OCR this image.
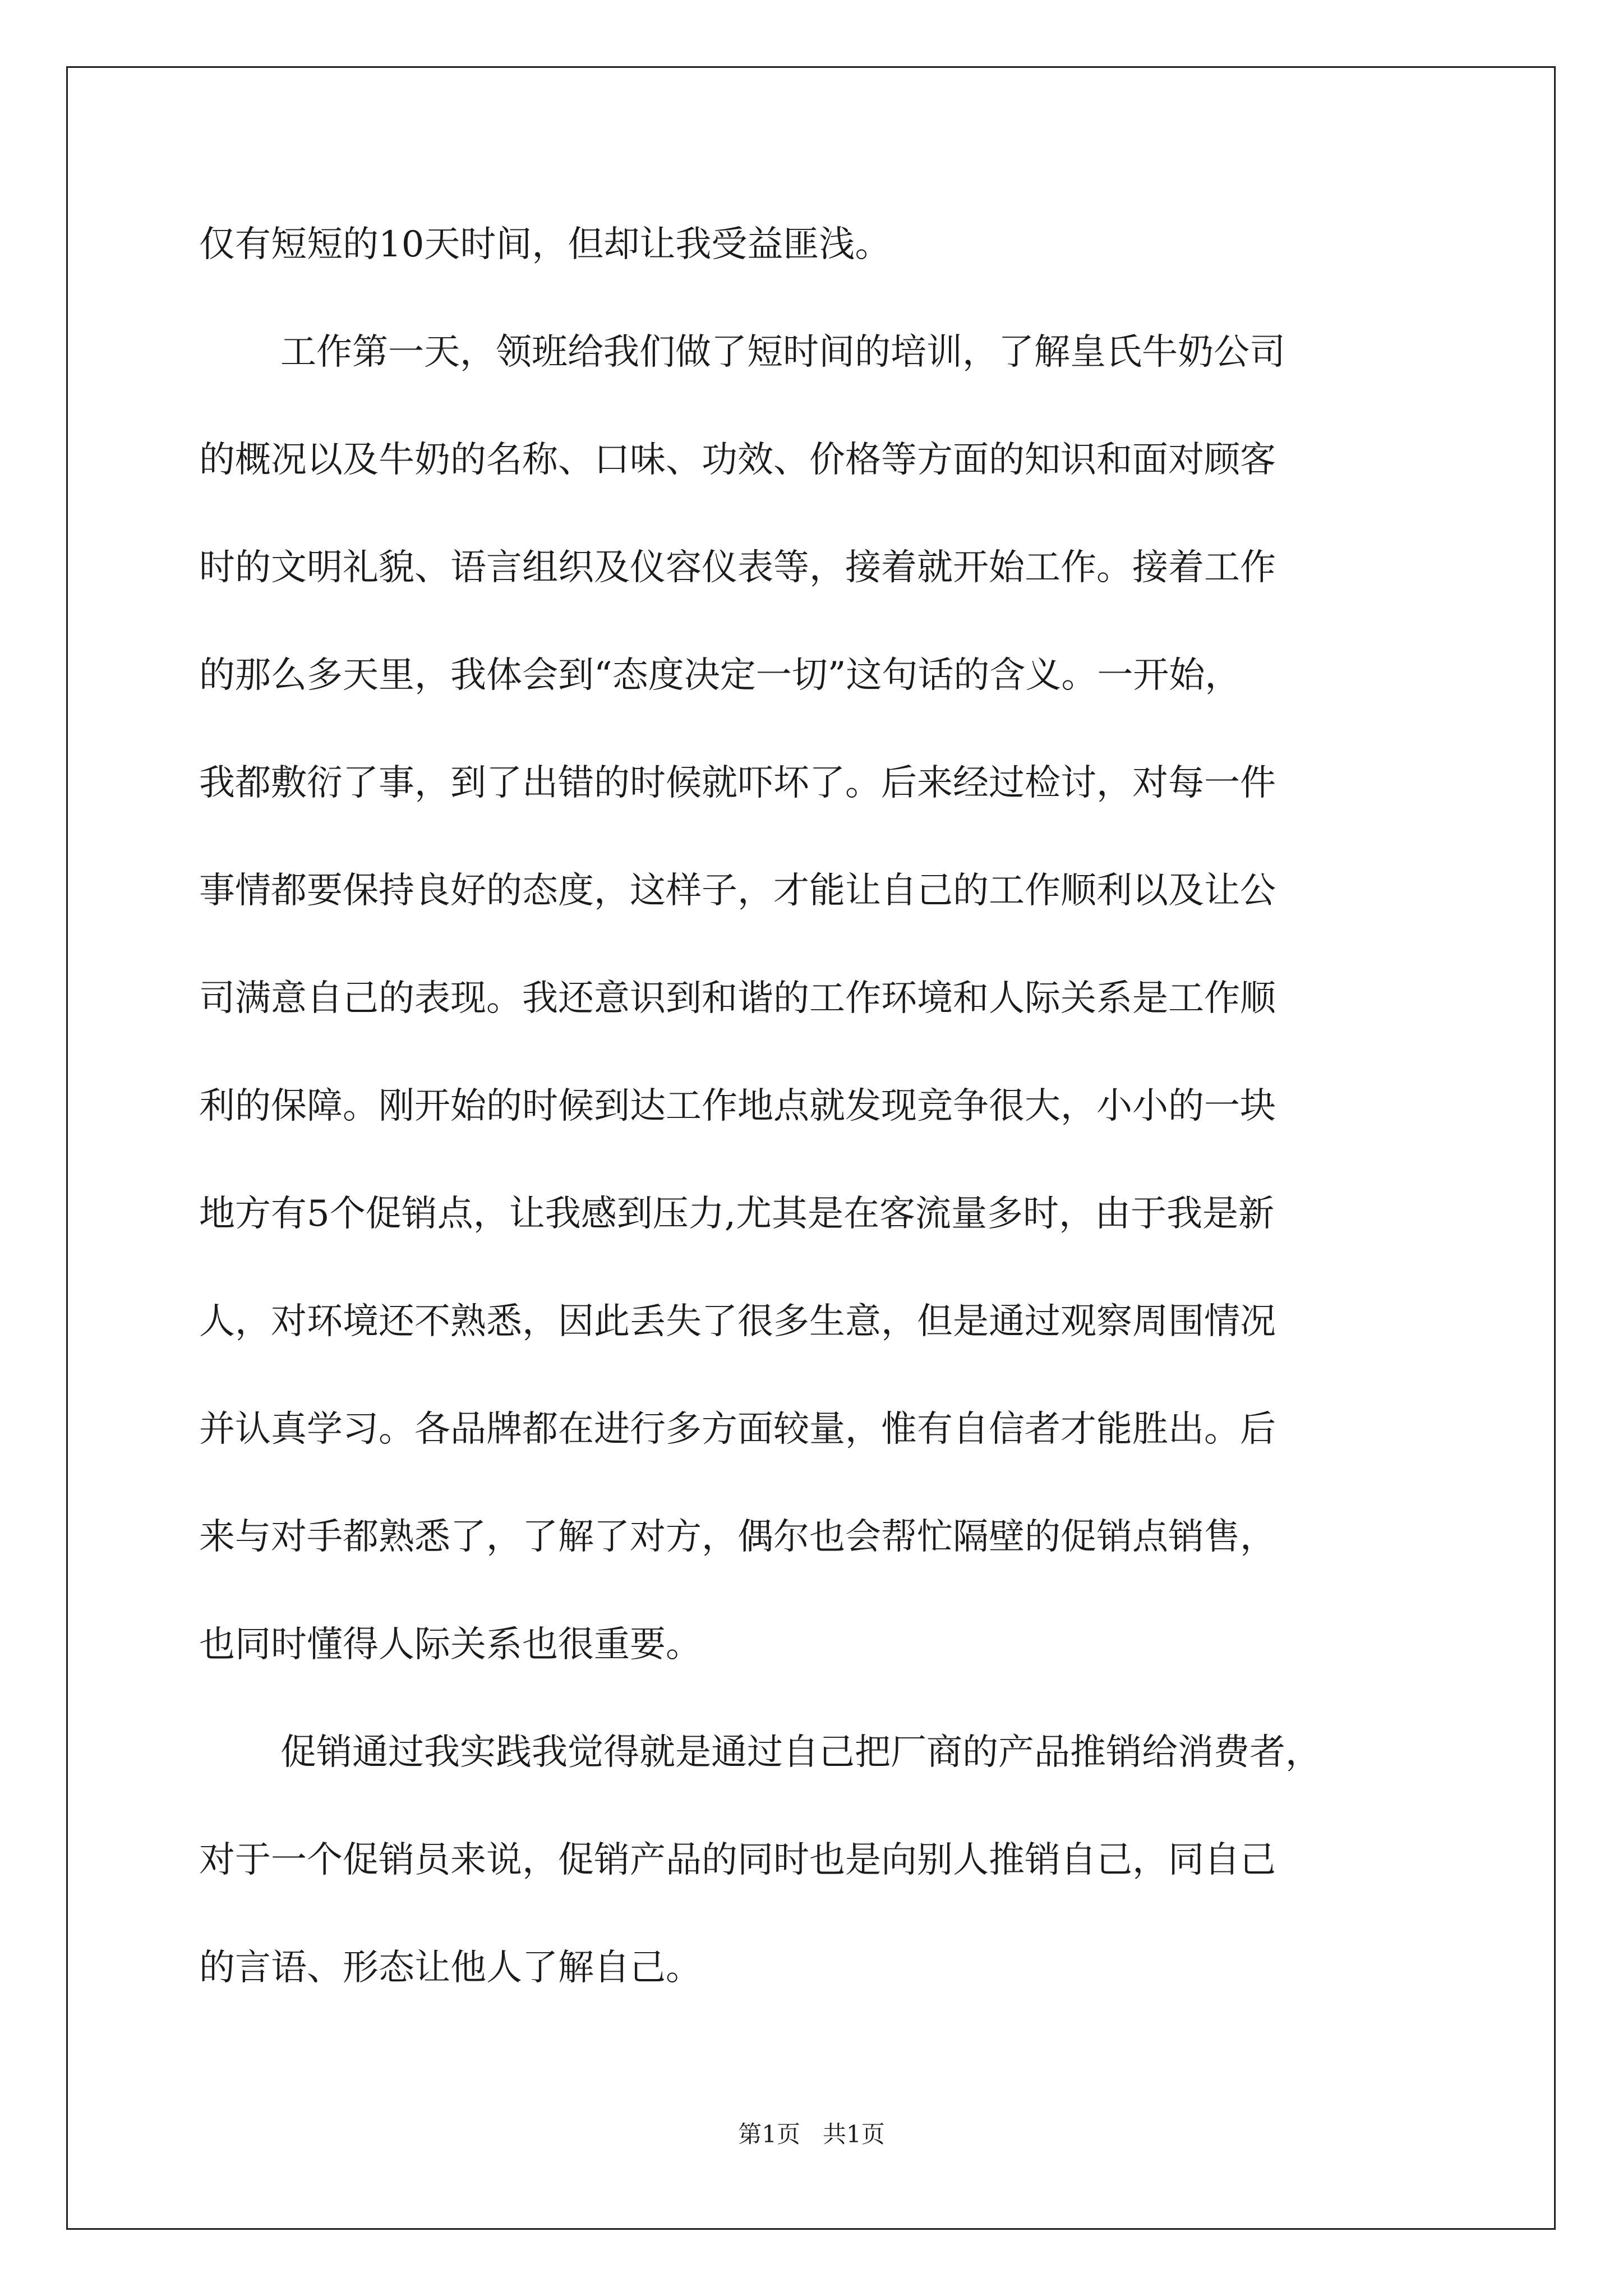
仅有短短的10天时间，但却让我受益匪浅。
工作第一天，领班给我们做了短时间的培训，了解皇氏牛奶公司
的概况以及牛奶的名称、口味、功效、价格等方面的知识和面对顾客
时的文明礼貌、语言组织及仪容仪表等，接着就开始工作。接着工作
的那么多天里，我体会到“态度决定一切”这句话的含义。一开始，
我都敷衍了事，到了出错的时候就吓坏了。后来经过检讨，对每一件
事情都要保持良好的态度，这样子，才能让自己的工作顺利以及让公
司满意自己的表现。我还意识到和谐的工作环境和人际关系是工作顺
利的保障。刚开始的时候到达工作地点就发现竞争很大，小小的一块
地方有5个促销点，让我感到压力,尤其是在客流量多时，由于我是新
人，对环境还不熟悉，因此丢失了很多生意，但是通过观察周围情况
并认真学习。各品牌都在进行多方面较量，惟有自信者才能胜出。后
来与对手都熟悉了，了解了对方，偶尔也会帮忙隔壁的促销点销售，
也同时懂得人际关系也很重要。
促销通过我实践我觉得就是通过自己把厂商的产品推销给消费者，
对于一个促销员来说，促销产品的同时也是向别人推销自己，同自己
的言语、形态让他人了解自己。
第1页   共1页
